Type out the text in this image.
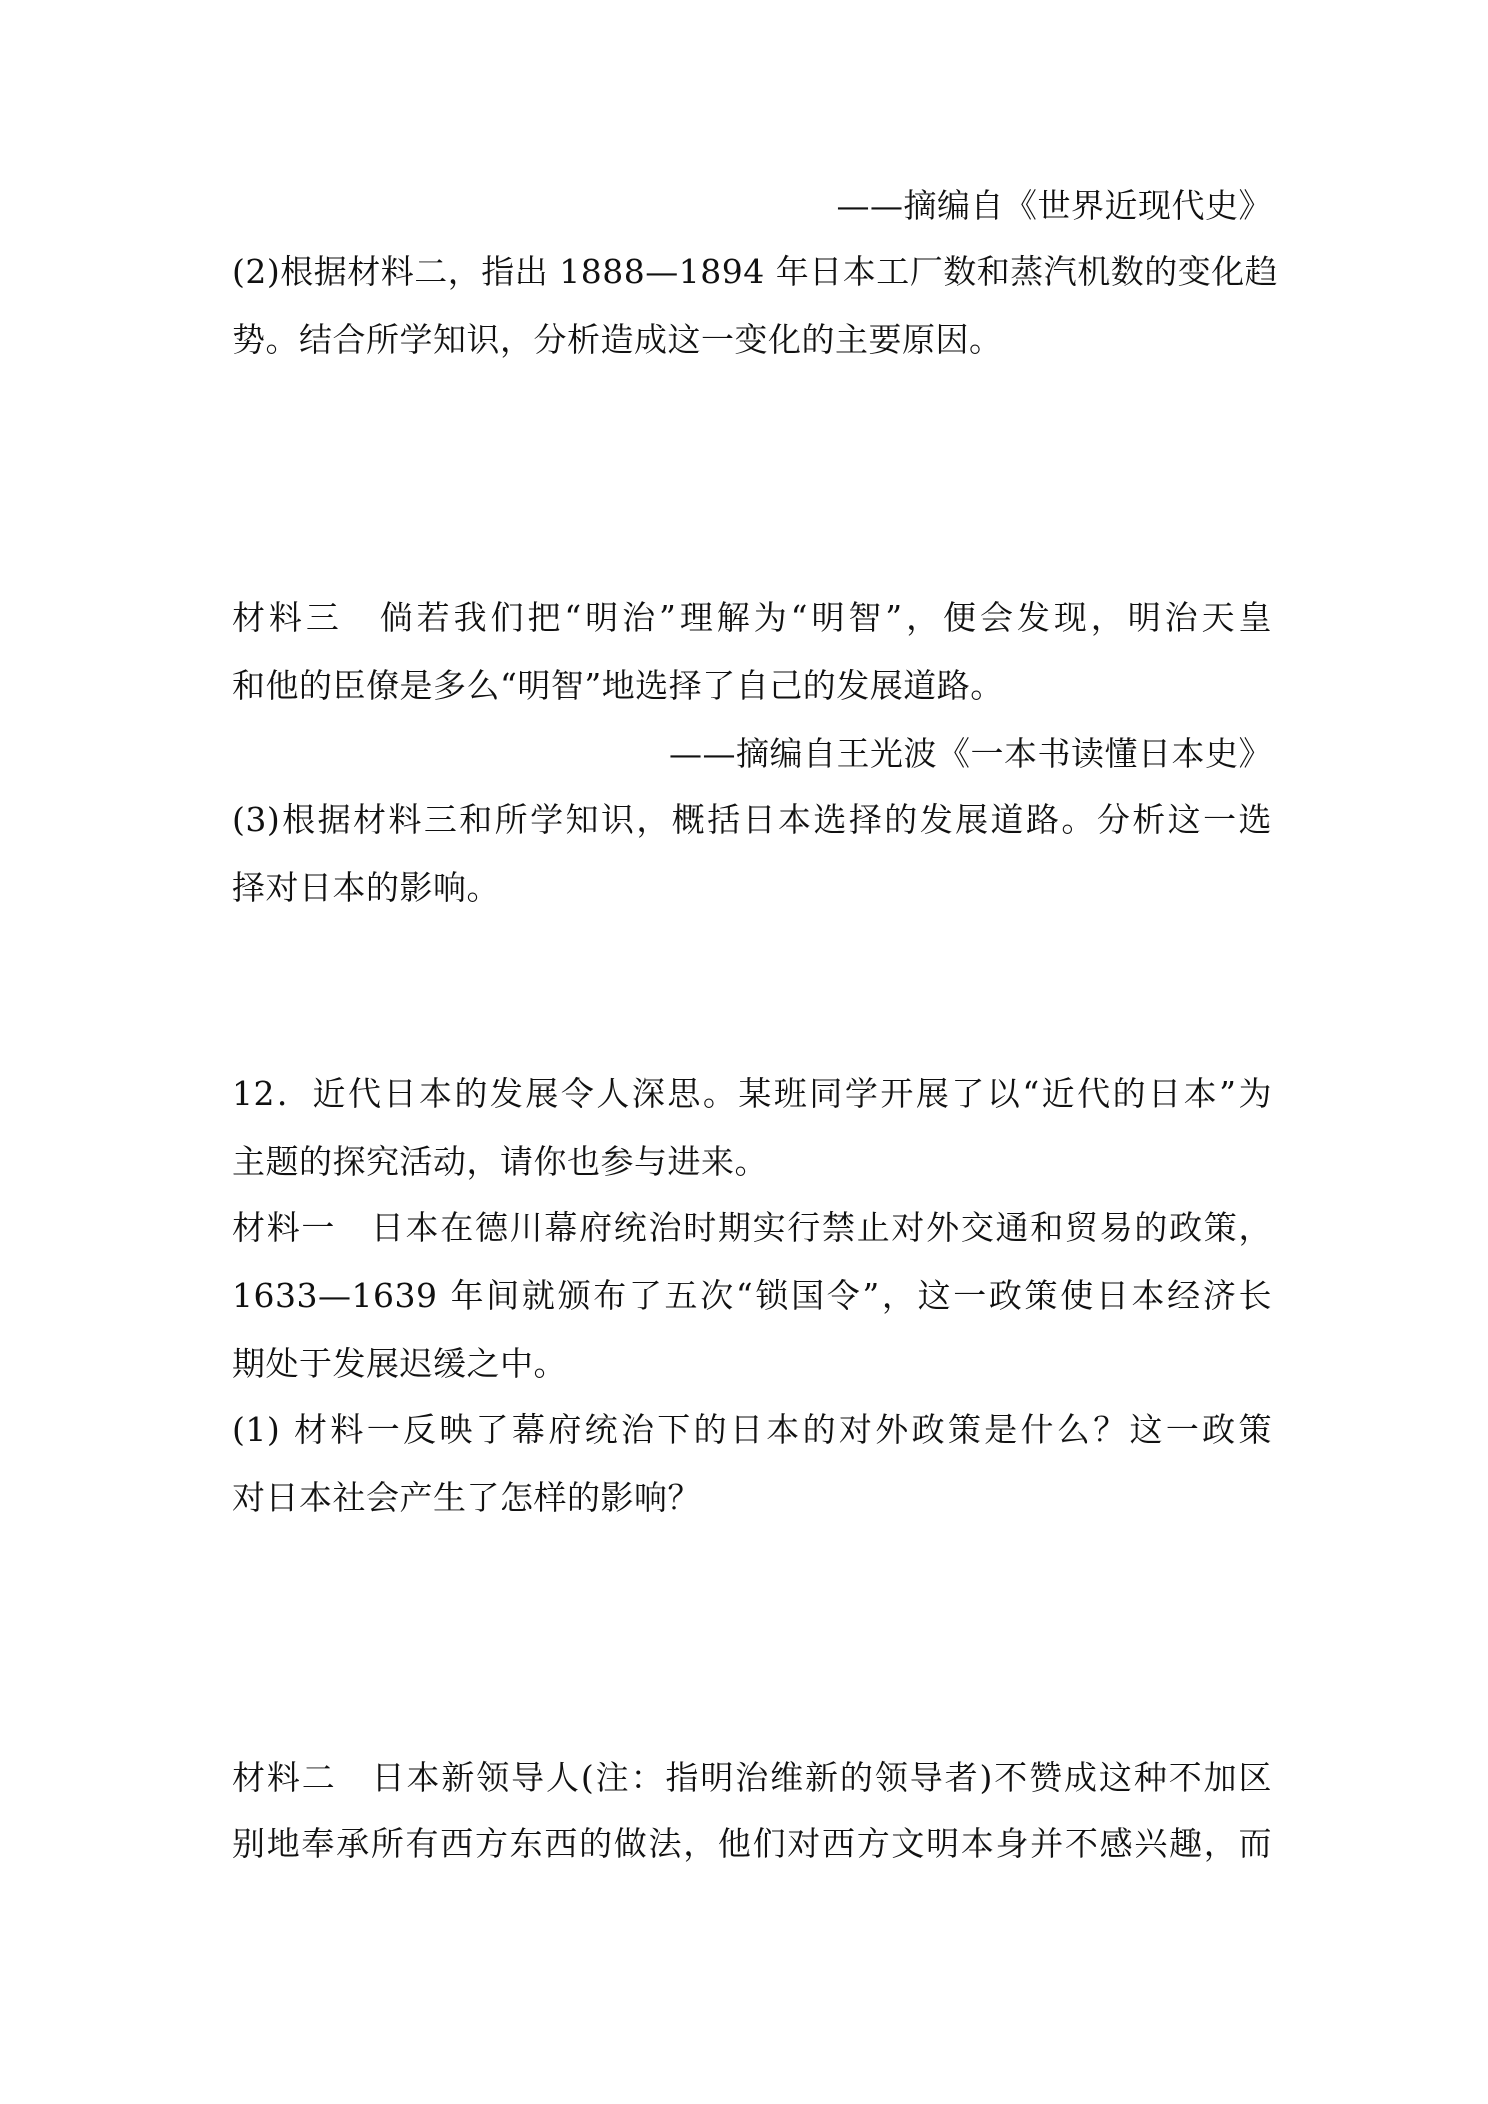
——摘编自《世界近现代史》
(2)根据材料二，指出 1888—1894 年日本工厂数和蒸汽机数的变化趋
势。结合所学知识，分析造成这一变化的主要原因。
材料三　倘若我们把“明治”理解为“明智”，便会发现，明治天皇
和他的臣僚是多么“明智”地选择了自己的发展道路。
——摘编自王光波《一本书读懂日本史》
(3)根据材料三和所学知识，概括日本选择的发展道路。分析这一选
择对日本的影响。
12．近代日本的发展令人深思。某班同学开展了以“近代的日本”为
主题的探究活动，请你也参与进来。
材料一　日本在德川幕府统治时期实行禁止对外交通和贸易的政策，
1633—1639 年间就颁布了五次“锁国令”，这一政策使日本经济长
期处于发展迟缓之中。
(1) 材料一反映了幕府统治下的日本的对外政策是什么？这一政策
对日本社会产生了怎样的影响？
材料二　日本新领导人(注：指明治维新的领导者)不赞成这种不加区
别地奉承所有西方东西的做法，他们对西方文明本身并不感兴趣，而
